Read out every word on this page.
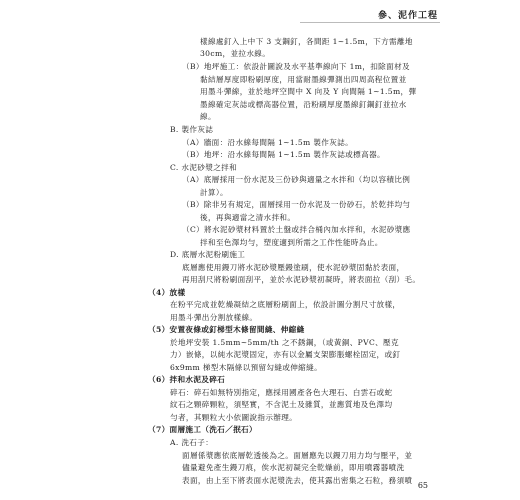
參、泥作工程
樣線處釘入上中下 3 支鋼釘，各間距 1~1.5m，下方需離地
30cm，並拉水線。
（B）地坪施工：依設計圖說及水平基準線向下 1m，扣除面材及
黏結層厚度即粉刷厚度，用當耐墨線彈測出四周高程位置並
用墨斗彈線，並於地坪空間中 X 向及 Y 向間隔 1~1.5m，彈
墨線確定灰誌或標高器位置，沿粉刷厚度墨線釘鋼釘並拉水
線。
B. 製作灰誌
（A）牆面：沿水線每間隔 1~1.5m 製作灰誌。
（B）地坪：沿水線每間隔 1~1.5m 製作灰誌或標高器。
C. 水泥砂漿之拌和
（A）底層採用一份水泥及三份砂與適量之水拌和（均以容積比例
計算）。
（B）除非另有規定，面層採用一份水泥及一份砂石，於乾拌均勻
後，再與適當之清水拌和。
（C）將水泥砂漿材料置於土盤或拌合桶內加水拌和，水泥砂漿應
拌和至色澤均勻，塑度適到所需之工作性能時為止。
D. 底層水泥粉刷施工
底層應使用鏝刀將水泥砂漿壓鏝塗刷，使水泥砂漿固黏於表面，
再用刮尺將粉刷面刮平，並於水泥砂漿初凝時，將表面拉（刮）毛。
（4）放樣
在粉平完成並乾燥凝結之底層粉刷面上，依設計圖分割尺寸放樣，
用墨斗彈出分割放樣線。
（5）安置夜條或釘梯型木條留間縫、伸縮縫
於地坪安裝 1.5mm~5mm/th 之不銹鋼，（或黃銅、PVC、壓克
力）嵌條，以純水泥漿固定，亦有以金屬支架膨脹螺栓固定，或釘
6x9mm 梯型木隔條以預留勾縫或伸縮縫。
（6）拌和水泥及碎石
碎石：碎石如無特別指定，應採用國產各色大理石、白雲石或蛇
紋石之顆碎顆粒，須堅實，不含泥土及雜質，並應質地及色澤均
勻者，其顆粒大小依圖說指示辦理。
（7）面層施工（洗石／抿石）
A. 洗石子：
面層係漿應依底層乾透後為之。面層應先以鏝刀用力均勻壓平，並
儘量避免產生鏝刀痕，俟水泥初凝完全乾燥前，即用噴霧器噴洗
表面，由上至下將表面水泥漿洗去，使其露出密集之石粒，務須噴
65
